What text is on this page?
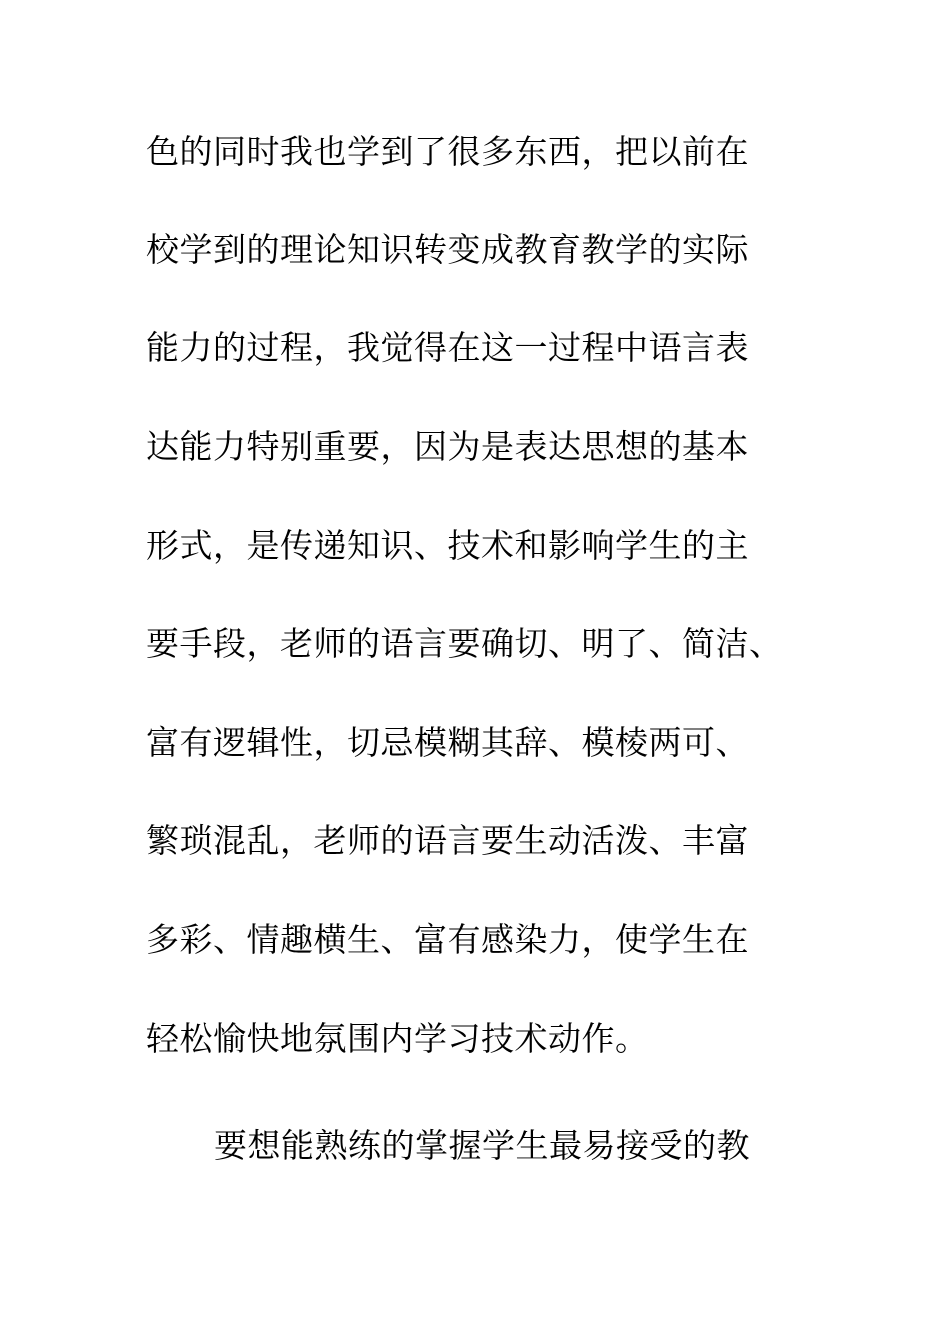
色的同时我也学到了很多东西，把以前在
校学到的理论知识转变成教育教学的实际
能力的过程，我觉得在这一过程中语言表
达能力特别重要，因为是表达思想的基本
形式，是传递知识、技术和影响学生的主
要手段，老师的语言要确切、明了、简洁、
富有逻辑性，切忌模糊其辞、模棱两可、
繁琐混乱，老师的语言要生动活泼、丰富
多彩、情趣横生、富有感染力，使学生在
轻松愉快地氛围内学习技术动作。
要想能熟练的掌握学生最易接受的教
